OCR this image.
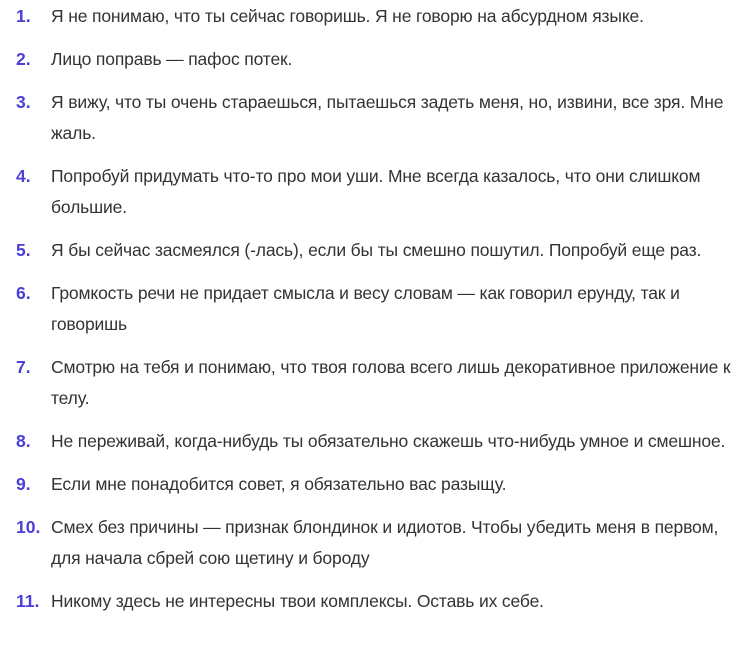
1. Я не понимаю, что ты сейчас говоришь. Я не говорю на абсурдном языке.
2. Лицо поправь — пафос потек.
3. Я вижу, что ты очень стараешься, пытаешься задеть меня, но, извини, все зря. Мне жаль.
4. Попробуй придумать что-то про мои уши. Мне всегда казалось, что они слишком большие.
5. Я бы сейчас засмеялся (-лась), если бы ты смешно пошутил. Попробуй еще раз.
6. Громкость речи не придает смысла и весу словам — как говорил ерунду, так и говоришь
7. Смотрю на тебя и понимаю, что твоя голова всего лишь декоративное приложение к телу.
8. Не переживай, когда-нибудь ты обязательно скажешь что-нибудь умное и смешное.
9. Если мне понадобится совет, я обязательно вас разыщу.
10. Смех без причины — признак блондинок и идиотов. Чтобы убедить меня в первом, для начала сбрей сою щетину и бороду
11. Никому здесь не интересны твои комплексы. Оставь их себе.
